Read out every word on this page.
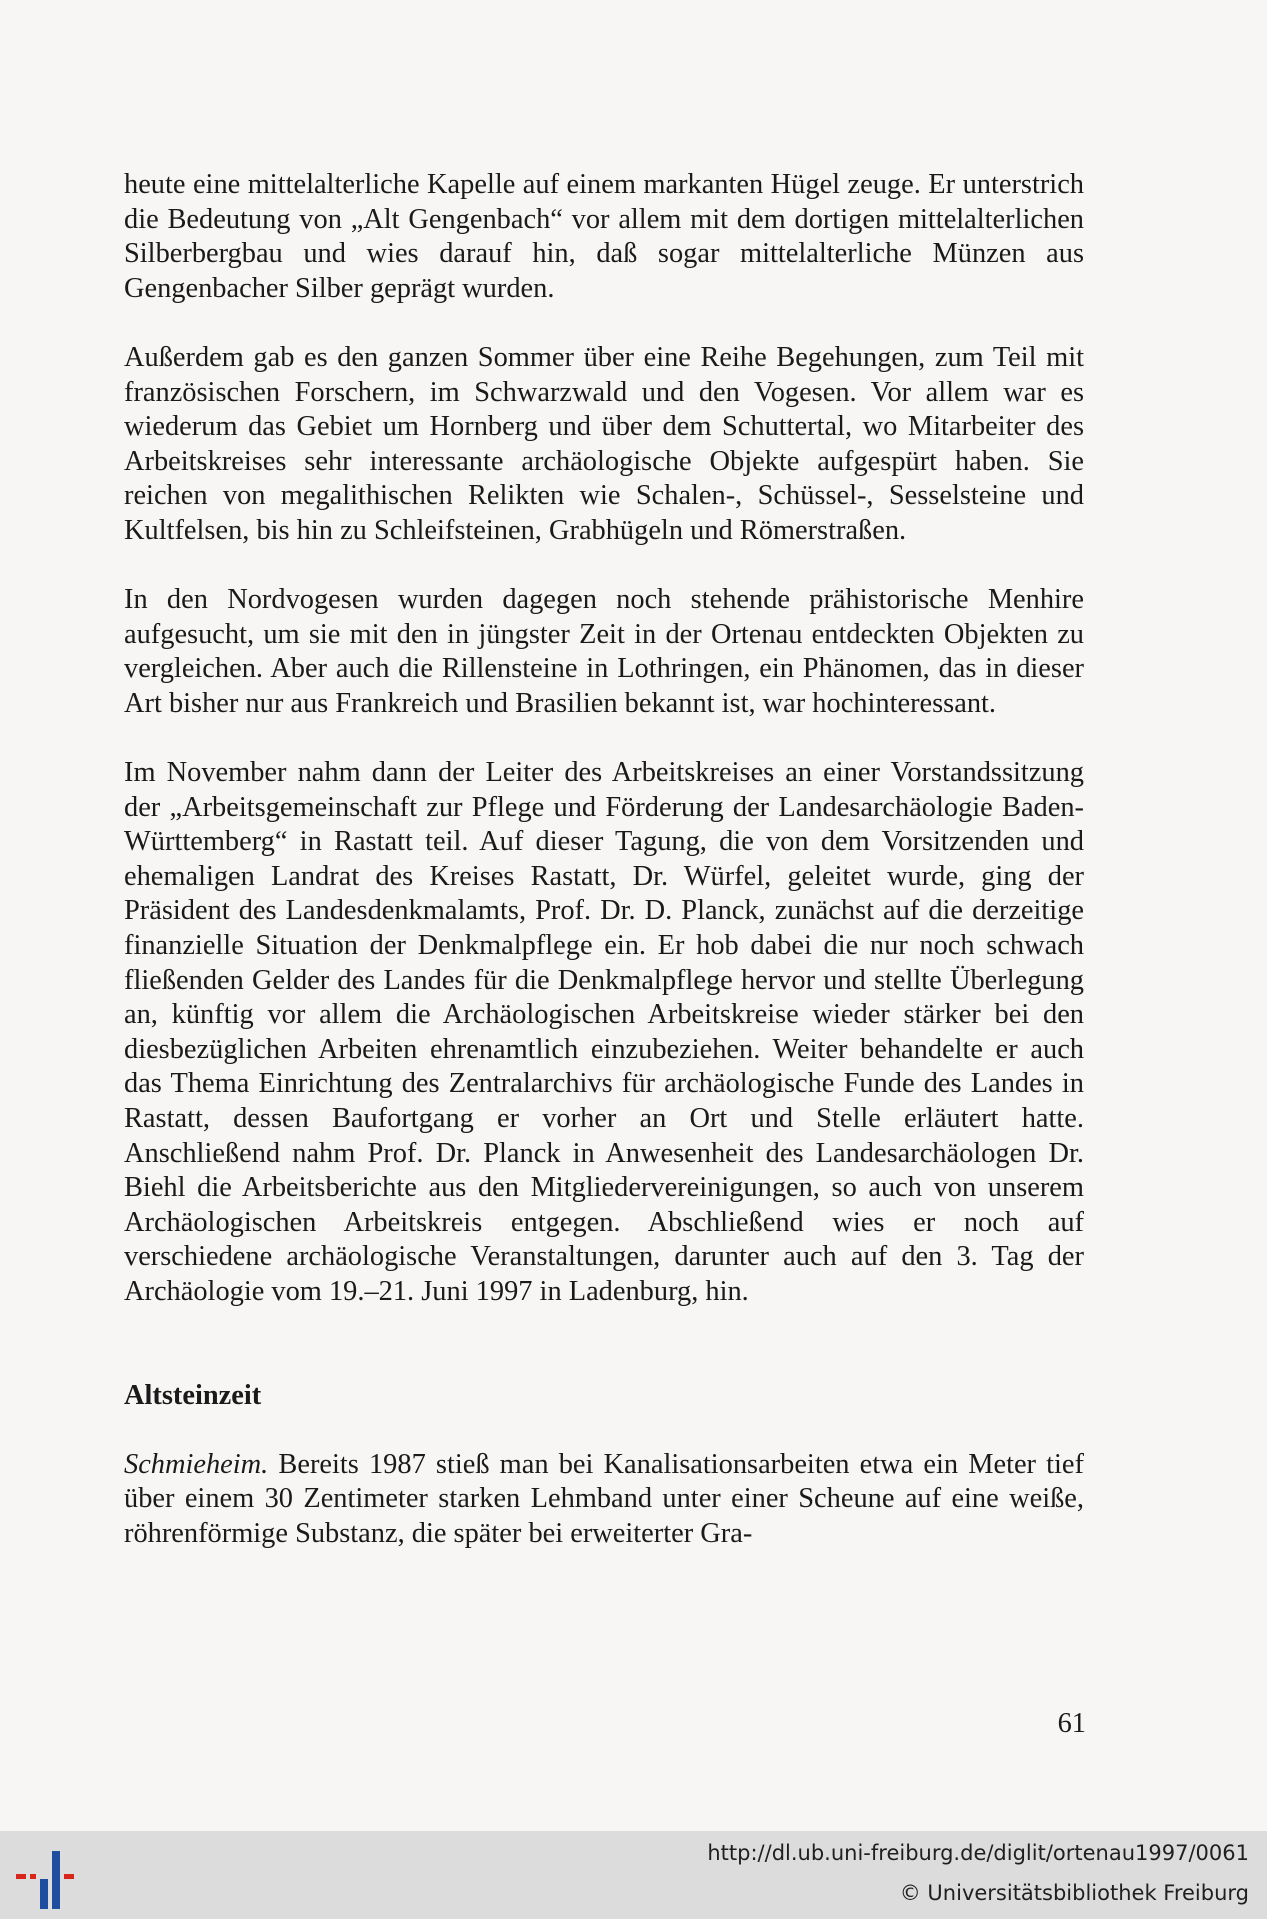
heute eine mittelalterliche Kapelle auf einem markanten Hügel zeuge. Er unterstrich die Bedeutung von „Alt Gengenbach“ vor allem mit dem dortigen mittelalterlichen Silberbergbau und wies darauf hin, daß sogar mittelalterliche Münzen aus Gengenbacher Silber geprägt wurden.

Außerdem gab es den ganzen Sommer über eine Reihe Begehungen, zum Teil mit französischen Forschern, im Schwarzwald und den Vogesen. Vor allem war es wiederum das Gebiet um Hornberg und über dem Schuttertal, wo Mitarbeiter des Arbeitskreises sehr interessante archäologische Objekte aufgespürt haben. Sie reichen von megalithischen Relikten wie Schalen-, Schüssel-, Sesselsteine und Kultfelsen, bis hin zu Schleifsteinen, Grabhügeln und Römerstraßen.

In den Nordvogesen wurden dagegen noch stehende prähistorische Menhire aufgesucht, um sie mit den in jüngster Zeit in der Ortenau entdeckten Objekten zu vergleichen. Aber auch die Rillensteine in Lothringen, ein Phänomen, das in dieser Art bisher nur aus Frankreich und Brasilien bekannt ist, war hochinteressant.

Im November nahm dann der Leiter des Arbeitskreises an einer Vorstandssitzung der „Arbeitsgemeinschaft zur Pflege und Förderung der Landesarchäologie Baden-Württemberg“ in Rastatt teil. Auf dieser Tagung, die von dem Vorsitzenden und ehemaligen Landrat des Kreises Rastatt, Dr. Würfel, geleitet wurde, ging der Präsident des Landesdenkmalamts, Prof. Dr. D. Planck, zunächst auf die derzeitige finanzielle Situation der Denkmalpflege ein. Er hob dabei die nur noch schwach fließenden Gelder des Landes für die Denkmalpflege hervor und stellte Überlegung an, künftig vor allem die Archäologischen Arbeitskreise wieder stärker bei den diesbezüglichen Arbeiten ehrenamtlich einzubeziehen. Weiter behandelte er auch das Thema Einrichtung des Zentralarchivs für archäologische Funde des Landes in Rastatt, dessen Baufortgang er vorher an Ort und Stelle erläutert hatte. Anschließend nahm Prof. Dr. Planck in Anwesenheit des Landesarchäologen Dr. Biehl die Arbeitsberichte aus den Mitgliedervereinigungen, so auch von unserem Archäologischen Arbeitskreis entgegen. Abschließend wies er noch auf verschiedene archäologische Veranstaltungen, darunter auch auf den 3. Tag der Archäologie vom 19.–21. Juni 1997 in Ladenburg, hin.

Altsteinzeit

Schmieheim. Bereits 1987 stieß man bei Kanalisationsarbeiten etwa ein Meter tief über einem 30 Zentimeter starken Lehmband unter einer Scheune auf eine weiße, röhrenförmige Substanz, die später bei erweiterter Gra-

61
http://dl.ub.uni-freiburg.de/diglit/ortenau1997/0061
© Universitätsbibliothek Freiburg
